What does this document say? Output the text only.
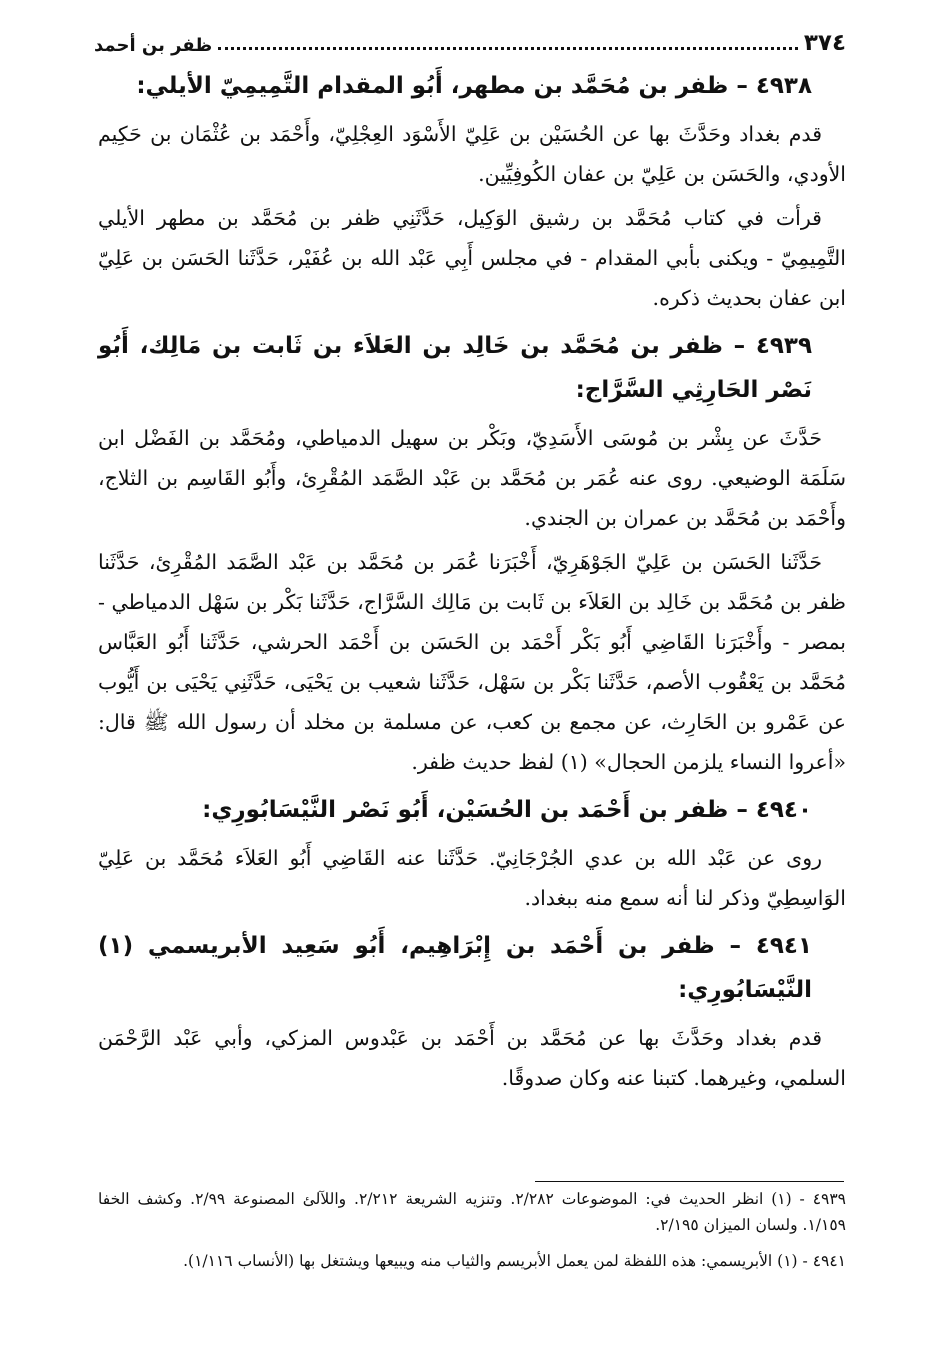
٣٧٤
ظفر بن أحمد
٤٩٣٨ – ظفر بن مُحَمَّد بن مطهر، أَبُو المقدام التَّمِيمِيّ الأيلي:

قدم بغداد وحَدَّثَ بها عن الحُسَيْن بن عَلِيّ الأَسْوَد العِجْلِيّ، وأَحْمَد بن عُثْمَان بن حَكِيم الأودي، والحَسَن بن عَلِيّ بن عفان الكُوفِيِّين.

قرأت في كتاب مُحَمَّد بن رشيق الوَكِيل، حَدَّثَنِي ظفر بن مُحَمَّد بن مطهر الأيلي التَّمِيمِيّ - ويكنى بأبي المقدام - في مجلس أَبِي عَبْد الله بن عُفَيْر، حَدَّثَنا الحَسَن بن عَلِيّ ابن عفان بحديث ذكره.

٤٩٣٩ – ظفر بن مُحَمَّد بن خَالِد بن العَلاَء بن ثَابت بن مَالِك، أَبُو نَصْر الحَارِثِي السَّرَّاج:

حَدَّثَ عن بِشْر بن مُوسَى الأَسَدِيّ، وبَكْر بن سهيل الدمياطي، ومُحَمَّد بن الفَضْل ابن سَلَمَة الوضيعي. روى عنه عُمَر بن مُحَمَّد بن عَبْد الصَّمَد المُقْرِئ، وأَبُو القَاسِم بن الثلاج، وأَحْمَد بن مُحَمَّد بن عمران بن الجندي.

حَدَّثَنا الحَسَن بن عَلِيّ الجَوْهَرِيّ، أَخْبَرَنا عُمَر بن مُحَمَّد بن عَبْد الصَّمَد المُقْرِئ، حَدَّثَنا ظفر بن مُحَمَّد بن خَالِد بن العَلاَء بن ثَابت بن مَالِك السَّرَّاج، حَدَّثَنا بَكْر بن سَهْل الدمياطي - بمصر - وأَخْبَرَنا القَاضِي أَبُو بَكْر أَحْمَد بن الحَسَن بن أَحْمَد الحرشي، حَدَّثَنا أَبُو العَبَّاس مُحَمَّد بن يَعْقُوب الأصم، حَدَّثَنا بَكْر بن سَهْل، حَدَّثَنا شعيب بن يَحْيَى، حَدَّثَنِي يَحْيَى بن أَيُّوب عن عَمْرو بن الحَارِث، عن مجمع بن كعب، عن مسلمة بن مخلد أن رسول الله ﷺ قال: «أعروا النساء يلزمن الحجال» (١) لفظ حديث ظفر.

٤٩٤٠ – ظفر بن أَحْمَد بن الحُسَيْن، أَبُو نَصْر النَّيْسَابُورِي:

روى عن عَبْد الله بن عدي الجُرْجَانِيّ. حَدَّثَنا عنه القَاضِي أَبُو العَلاَء مُحَمَّد بن عَلِيّ الوَاسِطِيّ وذكر لنا أنه سمع منه ببغداد.

٤٩٤١ – ظفر بن أَحْمَد بن إِبْرَاهِيم، أَبُو سَعِيد الأبريسمي (١) النَّيْسَابُورِي:

قدم بغداد وحَدَّثَ بها عن مُحَمَّد بن أَحْمَد بن عَبْدوس المزكي، وأبي عَبْد الرَّحْمَن السلمي، وغيرهما. كتبنا عنه وكان صدوقًا.

٤٩٣٩ - (١) انظر الحديث في: الموضوعات ٢/٢٨٢. وتنزيه الشريعة ٢/٢١٢. واللآلئ المصنوعة ٢/٩٩. وكشف الخفا ١/١٥٩. ولسان الميزان ٢/١٩٥.

٤٩٤١ - (١) الأبريسمي: هذه اللفظة لمن يعمل الأبريسم والثياب منه ويبيعها ويشتغل بها (الأنساب ١/١١٦).
